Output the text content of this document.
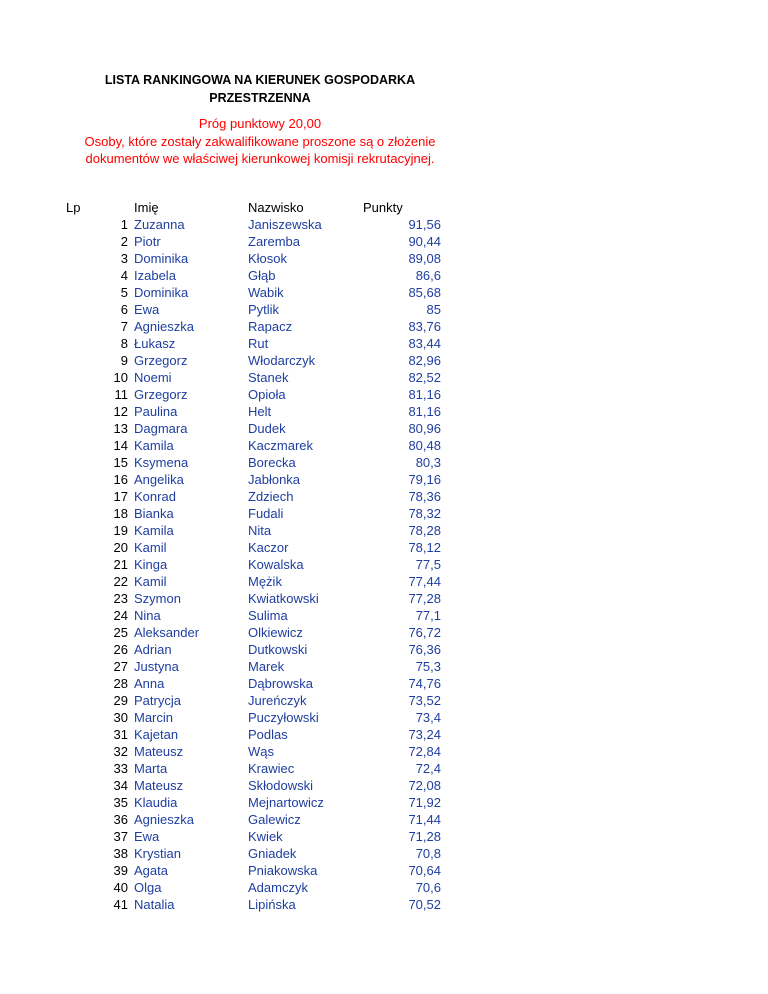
LISTA RANKINGOWA NA KIERUNEK GOSPODARKA PRZESTRZENNA
Próg punktowy 20,00
Osoby, które zostały zakwalifikowane proszone są o złożenie dokumentów we właściwej kierunkowej komisji rekrutacyjnej.
Lp	Imię	Nazwisko	Punkty
1 Zuzanna	Janiszewska	91,56
2 Piotr	Zaremba	90,44
3 Dominika	Kłosok	89,08
4 Izabela	Głąb	86,6
5 Dominika	Wabik	85,68
6 Ewa	Pytlik	85
7 Agnieszka	Rapacz	83,76
8 Łukasz	Rut	83,44
9 Grzegorz	Włodarczyk	82,96
10 Noemi	Stanek	82,52
11 Grzegorz	Opioła	81,16
12 Paulina	Helt	81,16
13 Dagmara	Dudek	80,96
14 Kamila	Kaczmarek	80,48
15 Ksymena	Borecka	80,3
16 Angelika	Jabłonka	79,16
17 Konrad	Zdziech	78,36
18 Bianka	Fudali	78,32
19 Kamila	Nita	78,28
20 Kamil	Kaczor	78,12
21 Kinga	Kowalska	77,5
22 Kamil	Mężik	77,44
23 Szymon	Kwiatkowski	77,28
24 Nina	Sulima	77,1
25 Aleksander	Olkiewicz	76,72
26 Adrian	Dutkowski	76,36
27 Justyna	Marek	75,3
28 Anna	Dąbrowska	74,76
29 Patrycja	Jureńczyk	73,52
30 Marcin	Puczyłowski	73,4
31 Kajetan	Podlas	73,24
32 Mateusz	Wąs	72,84
33 Marta	Krawiec	72,4
34 Mateusz	Skłodowski	72,08
35 Klaudia	Mejnartowicz	71,92
36 Agnieszka	Galewicz	71,44
37 Ewa	Kwiek	71,28
38 Krystian	Gniadek	70,8
39 Agata	Pniakowska	70,64
40 Olga	Adamczyk	70,6
41 Natalia	Lipińska	70,52
